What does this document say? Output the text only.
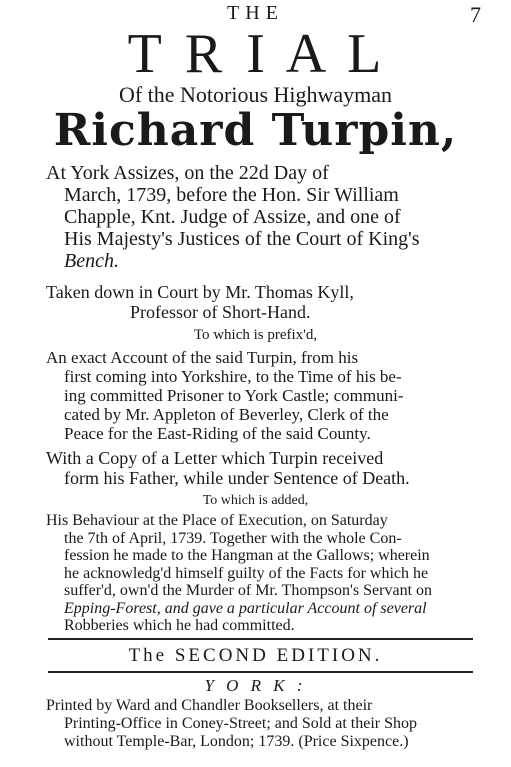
7
THE
T R I A L
Of the Notorious Highwayman
Richard Turpin,
At York Assizes, on the 22d Day of
March, 1739, before the Hon. Sir William
Chapple, Knt. Judge of Assize, and one of
His Majesty's Justices of the Court of King's
Bench.
Taken down in Court by Mr. Thomas Kyll,
Professor of Short-Hand.
To which is prefix'd,
An exact Account of the said Turpin, from his
first coming into Yorkshire, to the Time of his be-
ing committed Prisoner to York Castle; communi-
cated by Mr. Appleton of Beverley, Clerk of the
Peace for the East-Riding of the said County.
With a Copy of a Letter which Turpin received
form his Father, while under Sentence of Death.
To which is added,
His Behaviour at the Place of Execution, on Saturday
the 7th of April, 1739. Together with the whole Con-
fession he made to the Hangman at the Gallows; wherein
he acknowledg'd himself guilty of the Facts for which he
suffer'd, own'd the Murder of Mr. Thompson's Servant on
Epping-Forest, and gave a particular Account of several
Robberies which he had committed.
The SECOND EDITION.
Y O R K :
Printed by Ward and Chandler Booksellers, at their
Printing-Office in Coney-Street; and Sold at their Shop
without Temple-Bar, London; 1739. (Price Sixpence.)
